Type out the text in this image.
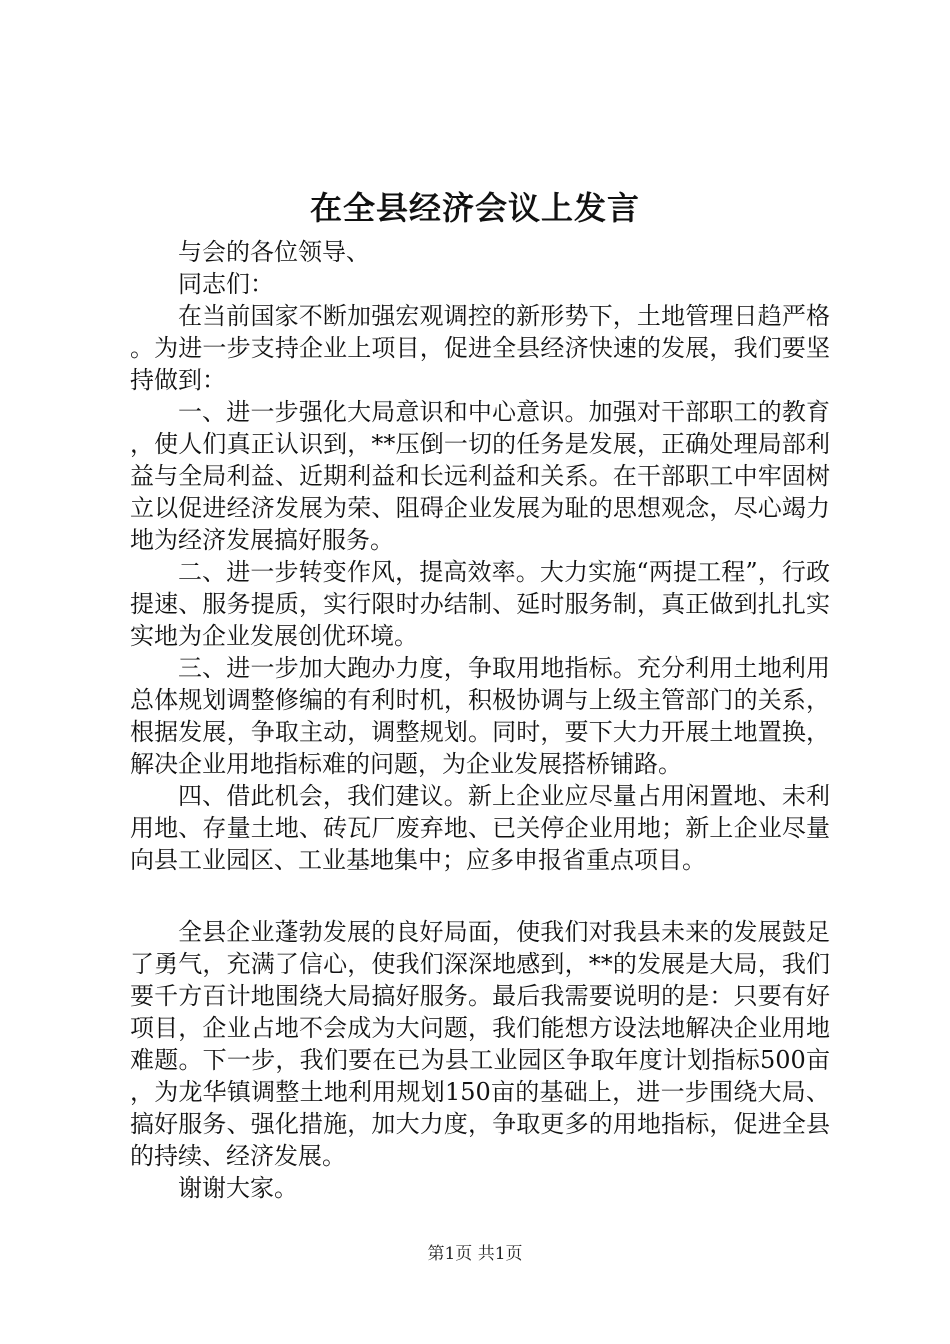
在全县经济会议上发言

与会的各位领导、

同志们：

在当前国家不断加强宏观调控的新形势下，土地管理日趋严格。为进一步支持企业上项目，促进全县经济快速的发展，我们要坚持做到：

一、进一步强化大局意识和中心意识。加强对干部职工的教育，使人们真正认识到，**压倒一切的任务是发展，正确处理局部利益与全局利益、近期利益和长远利益和关系。在干部职工中牢固树立以促进经济发展为荣、阻碍企业发展为耻的思想观念，尽心竭力地为经济发展搞好服务。

二、进一步转变作风，提高效率。大力实施“两提工程”，行政提速、服务提质，实行限时办结制、延时服务制，真正做到扎扎实实地为企业发展创优环境。

三、进一步加大跑办力度，争取用地指标。充分利用土地利用总体规划调整修编的有利时机，积极协调与上级主管部门的关系，根据发展，争取主动，调整规划。同时，要下大力开展土地置换，解决企业用地指标难的问题，为企业发展搭桥铺路。

四、借此机会，我们建议。新上企业应尽量占用闲置地、未利用地、存量土地、砖瓦厂废弃地、已关停企业用地；新上企业尽量向县工业园区、工业基地集中；应多申报省重点项目。

全县企业蓬勃发展的良好局面，使我们对我县未来的发展鼓足了勇气，充满了信心，使我们深深地感到，**的发展是大局，我们要千方百计地围绕大局搞好服务。最后我需要说明的是：只要有好项目，企业占地不会成为大问题，我们能想方设法地解决企业用地难题。下一步，我们要在已为县工业园区争取年度计划指标500亩，为龙华镇调整土地利用规划150亩的基础上，进一步围绕大局、搞好服务、强化措施，加大力度，争取更多的用地指标，促进全县的持续、经济发展。

谢谢大家。

第1页 共1页
